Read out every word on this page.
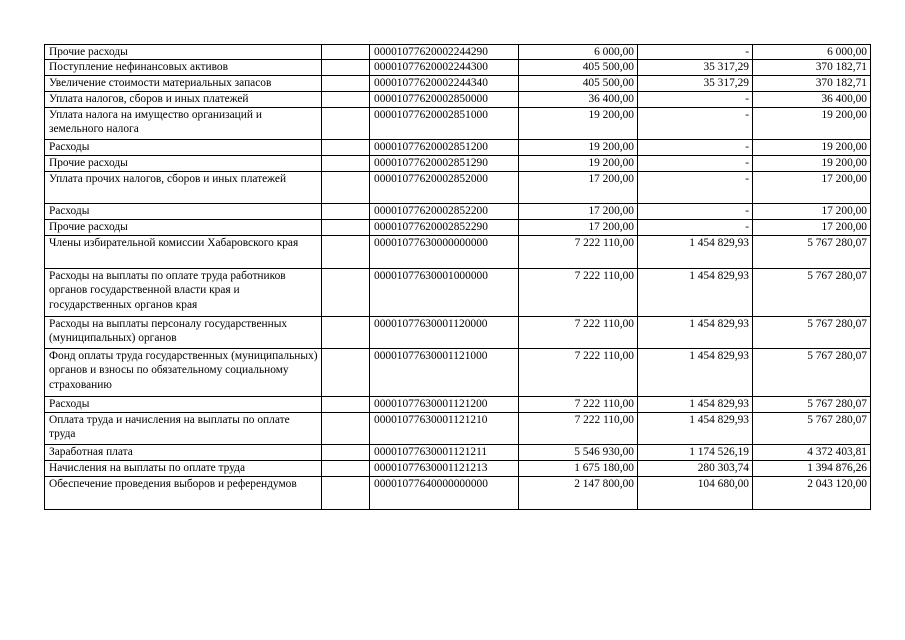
Прочие расходы		00001077620002244290	6 000,00	-	6 000,00
Поступление нефинансовых активов		00001077620002244300	405 500,00	35 317,29	370 182,71
Увеличение стоимости материальных запасов		00001077620002244340	405 500,00	35 317,29	370 182,71
Уплата налогов, сборов и иных платежей		00001077620002850000	36 400,00	-	36 400,00
Уплата налога на имущество организаций и земельного налога		00001077620002851000	19 200,00	-	19 200,00
Расходы		00001077620002851200	19 200,00	-	19 200,00
Прочие расходы		00001077620002851290	19 200,00	-	19 200,00
Уплата прочих налогов, сборов и иных платежей		00001077620002852000	17 200,00	-	17 200,00
Расходы		00001077620002852200	17 200,00	-	17 200,00
Прочие расходы		00001077620002852290	17 200,00	-	17 200,00
Члены избирательной комиссии Хабаровского края		00001077630000000000	7 222 110,00	1 454 829,93	5 767 280,07
Расходы на выплаты по оплате труда работников органов государственной власти края и государственных органов края		00001077630001000000	7 222 110,00	1 454 829,93	5 767 280,07
Расходы на выплаты персоналу государственных (муниципальных) органов		00001077630001120000	7 222 110,00	1 454 829,93	5 767 280,07
Фонд оплаты труда государственных (муниципальных) органов и взносы по обязательному социальному страхованию		00001077630001121000	7 222 110,00	1 454 829,93	5 767 280,07
Расходы		00001077630001121200	7 222 110,00	1 454 829,93	5 767 280,07
Оплата труда и начисления на выплаты по оплате труда		00001077630001121210	7 222 110,00	1 454 829,93	5 767 280,07
Заработная плата		00001077630001121211	5 546 930,00	1 174 526,19	4 372 403,81
Начисления на выплаты по оплате труда		00001077630001121213	1 675 180,00	280 303,74	1 394 876,26
Обеспечение проведения выборов и референдумов		00001077640000000000	2 147 800,00	104 680,00	2 043 120,00
